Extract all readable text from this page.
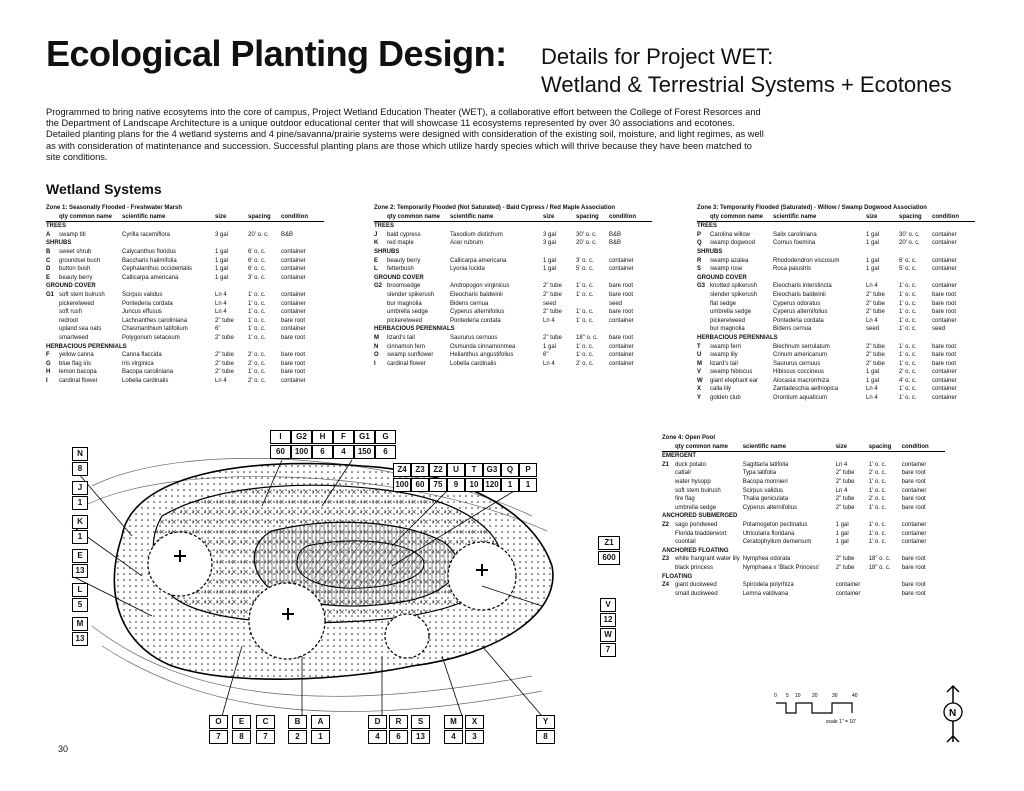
Ecological Planting Design: Details for Project WET:
Wetland & Terrestrial Systems + Ecotones
Programmed to bring native ecosytems into the core of campus, Project Wetland Education Theater (WET), a collaborative effort between the College of Forest Resorces and the Department of Landscape Architecture is a unique outdoor educational center that will showcase 11 ecosystems represented by over 30 associations and ecotones. Detailed planting plans for the 4 wetland systems and 4 pine/savanna/prairie systems were designed with consideration of the existing soil, moisture, and light regimes, as well as with consideration of matintenance and succession. Successful planting plans are those which utilize hardy species which will thrive because they have been matched to site conditions.
Wetland Systems
Zone 1: Seasonally Flooded - Freshwater Marsh
	qty common name	scientific name	size	spacing	condition
TREES					
A	swamp titi	Cyrilla racemiflora	3 gal	20' o. c.	B&B
SHRUBS					
B	sweet shrub	Calycanthus floridus	1 gal	6' o. c.	container
C	groundsel bush	Baccharis halimifolia	1 gal	6' o. c.	container
D	button bush	Cephalanthus occidentalis	1 gal	6' o. c.	container
E	beauty berry	Callicarpa americana	1 gal	3' o. c.	container
GROUND COVER					
G1	soft stem bulrush	Scirpus validus	Ln 4	1' o. c.	container
	pickerelweed	Pontederia cordata	Ln 4	1' o. c.	container
	soft rush	Juncus effusus	Ln 4	1' o. c.	container
	redroot	Lachnanthes caroliniana	2" tube	1' o. c.	bare root
	upland sea oats	Chasmanthium latifolium	6"	1' o. c.	container
	smartweed	Polygonum setaceum	2" tube	1' o. c.	bare root
HERBACIOUS PERENNIALS					
F	yellow canna	Canna flaccida	2" tube	2' o. c.	bare root
G	blue flag iris	Iris virginica	2" tube	2' o. c.	bare root
H	lemon bacopa	Bacopa caroliniana	2" tube	1' o. c.	bare root
I	cardinal flower	Lobelia cardinalis	Ln 4	2' o. c.	container
Zone 2: Temporarily Flooded (Not Saturated) - Bald Cypress / Red Maple Association
	qty common name	scientific name	size	spacing	condition
TREES					
J	bald cypress	Taxodium distichum	3 gal	30' o. c.	B&B
K	red maple	Acer rubrum	3 gal	20' o. c.	B&B
SHRUBS					
E	beauty berry	Callicarpa americana	1 gal	3' o. c.	container
L	fetterbush	Lyonia lucida	1 gal	5' o. c.	container
GROUND COVER					
G2	broomsedge	Andropogon virginicus	2" tube	1' o. c.	bare root
	slender spikerush	Eleocharis baldwinii	2" tube	1' o. c.	bare root
	bur magnolia	Bidens cernua	seed		seed
	umbrella sedge	Cyperus alternifolius	2" tube	1' o. c.	bare root
	pickerelweed	Pontederia cordata	Ln 4	1' o. c.	container
HERBACIOUS PERENNIALS					
M	lizard's tail	Saururus cernuus	2" tube	18" o. c.	bare root
N	cinnamon fern	Osmunda cinnamonmea	1 gal	1' o. c.	container
O	swamp sunflower	Helianthus angustifolius	6"	1' o. c.	container
I	cardinal flower	Lobelia cardinalis	Ln 4	2' o. c.	container
Zone 3: Temporarily Flooded (Saturated) - Willow / Swamp Dogwood Association
	qty common name	scientific name	size	spacing	condition
TREES					
P	Carolina willow	Salix caroliniana	1 gal	30' o. c.	container
Q	swamp dogwood	Cornus foemina	1 gal	20' o. c.	container
SHRUBS					
R	swamp azalea	Rhododendron viscosum	1 gal	6' o. c.	container
S	swamp rose	Rosa palustris	1 gal	5' o. c.	container
GROUND COVER					
G3	knotted spikerush	Eleocharis interstincta	Ln 4	1' o. c.	container
	slender spikerush	Eleocharis baldwinii	2" tube	1' o. c.	bare root
	flat sedge	Cyperus odoratus	2" tube	1' o. c.	bare root
	umbrella sedge	Cyperus alternifolius	2" tube	1' o. c.	bare root
	pickerelweed	Pontederia cordata	Ln 4	1' o. c.	container
	bur magnolia	Bidens cernua	seed	1' o. c.	seed
HERBACIOUS PERENNIALS					
T	swamp fern	Blechnum serrulatum	2" tube	1' o. c.	bare root
U	swamp lily	Crinum americanum	2" tube	1' o. c.	bare root
M	lizard's tail	Saururus cernuus	2" tube	1' o. c.	bare root
V	swamp hibiscus	Hibiscus coccineus	1 gal	2' o. c.	container
W	giant elephant ear	Alocasia macrorrhiza	1 gal	4' o. c.	container
X	calla lily	Zantadeschia aethiopica	Ln 4	1' o. c.	container
Y	golden club	Orontium aquaticum	Ln 4	1' o. c.	container
Zone 4: Open Pool
	qty common name	scientific name	size	spacing	condition
EMERGENT					
Z1	duck potato	Sagittaria latifolia	Ln 4	1' o. c.	container
	cattail	Typa latifolia	2" tube	2' o. c.	bare root
	water hysopp	Bacopa monnieri	2" tube	1' o. c.	bare root
	soft stem bulrush	Scirpus validus	Ln 4	1' o. c.	container
	fire flag	Thalia geniculata	2" tube	2' o. c.	bare root
	umbrella sedge	Cyperus alternifolius	2" tube	1' o. c.	bare root
ANCHORED SUBMERGED					
Z2	sago pondweed	Potamogeton pectinatus	1 gal	1' o. c.	container
	Florida bladderwort	Utricularia floridana	1 gal	1' o. c.	container
	coontail	Ceratophyllum demersum	1 gal	1' o. c.	container
ANCHORED FLOATING					
Z3	white frangrant water lily	Nymphea odorata	2" tube	18" o. c.	bare root
	black princess	Nymphaea x 'Black Princess'	2" tube	18" o. c.	bare root
FLOATING					
Z4	giant duckweed	Spirodela polyrhiza	container		bare root
	small duckweed	Lemna valdivana	container		bare root
N
8
J
1
K
1
E
13
L
5
M
13
I
60
G2
100
H
6
F
4
G1
150
G
6
Z4
100
Z3
60
Z2
75
U
9
T
10
G3
120
Q
1
P
1
Z1
600
V
12
W
7
O
7
E
8
C
7
B
2
A
1
D
4
R
6
S
13
M
4
X
3
Y
8
0 5 10 20	30	40
scale 1" = 10'
N
30
